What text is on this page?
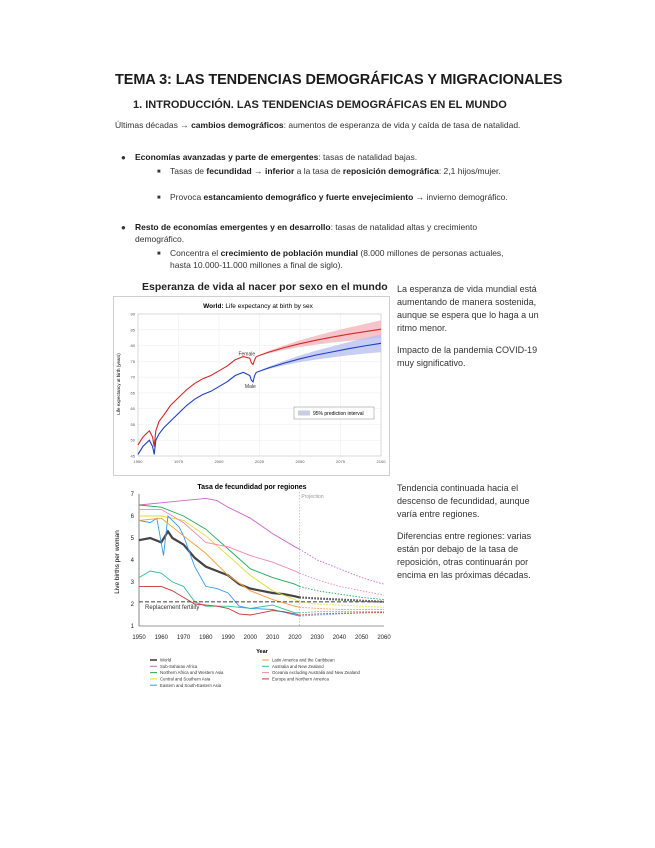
TEMA 3: LAS TENDENCIAS DEMOGRÁFICAS Y MIGRACIONALES
1. INTRODUCCIÓN. LAS TENDENCIAS DEMOGRÁFICAS EN EL MUNDO
Últimas décadas → cambios demográficos: aumentos de esperanza de vida y caída de tasa de natalidad.
● Economías avanzadas y parte de emergentes: tasas de natalidad bajas.
■ Tasas de fecundidad → inferior a la tasa de reposición demográfica: 2,1 hijos/mujer.
■ Provoca estancamiento demográfico y fuerte envejecimiento → invierno demográfico.
● Resto de economías emergentes y en desarrollo: tasas de natalidad altas y crecimiento demográfico.
■ Concentra el crecimiento de población mundial (8.000 millones de personas actuales, hasta 10.000-11.000 millones a final de siglo).
Esperanza de vida al nacer por sexo en el mundo
World: Life expectancy at birth by sex
Life expectancy at birth (years)
45
50
55
60
65
70
75
80
85
90
1950	1975	2000	2025	2050	2075	2100
Female
Male
95% prediction interval

La esperanza de vida mundial está aumentando de manera sostenida, aunque se espera que lo haga a un ritmo menor.

Impacto de la pandemia COVID-19 muy significativo.

Tasa de fecundidad por regiones
Live births per woman
Year
1
2
3
4
5
6
7
1950 1960 1970 1980 1990 2000 2010 2020 2030 2040 2050 2060
Projection
Replacement fertility
World
Sub-Saharan Africa
Northern Africa and Western Asia
Central and Southern Asia
Eastern and South-Eastern Asia
Latin America and the Caribbean
Australia and New Zealand
Oceania excluding Australia and New Zealand
Europe and Northern America

Tendencia continuada hacia el descenso de fecundidad, aunque varía entre regiones.

Diferencias entre regiones: varias están por debajo de la tasa de reposición, otras continuarán por encima en las próximas décadas.
